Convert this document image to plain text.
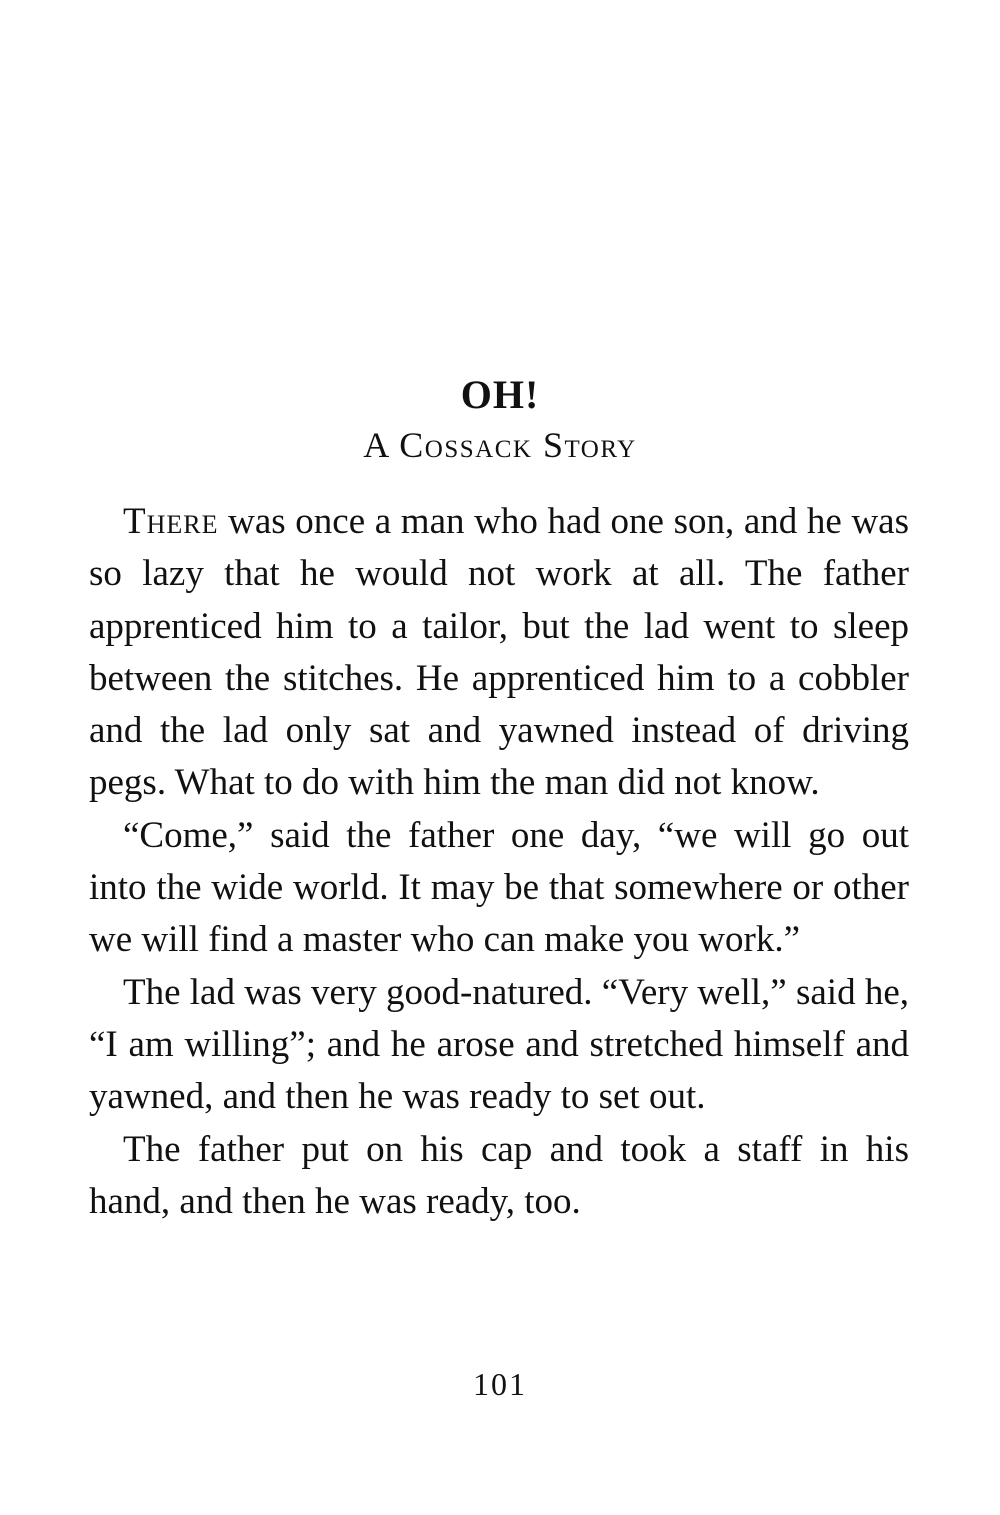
OH!
A Cossack Story

There was once a man who had one son, and he was so lazy that he would not work at all. The father apprenticed him to a tailor, but the lad went to sleep between the stitches. He apprenticed him to a cobbler and the lad only sat and yawned instead of driving pegs. What to do with him the man did not know.

“Come,” said the father one day, “we will go out into the wide world. It may be that somewhere or other we will find a master who can make you work.”

The lad was very good-natured. “Very well,” said he, “I am willing”; and he arose and stretched himself and yawned, and then he was ready to set out.

The father put on his cap and took a staff in his hand, and then he was ready, too.

101
